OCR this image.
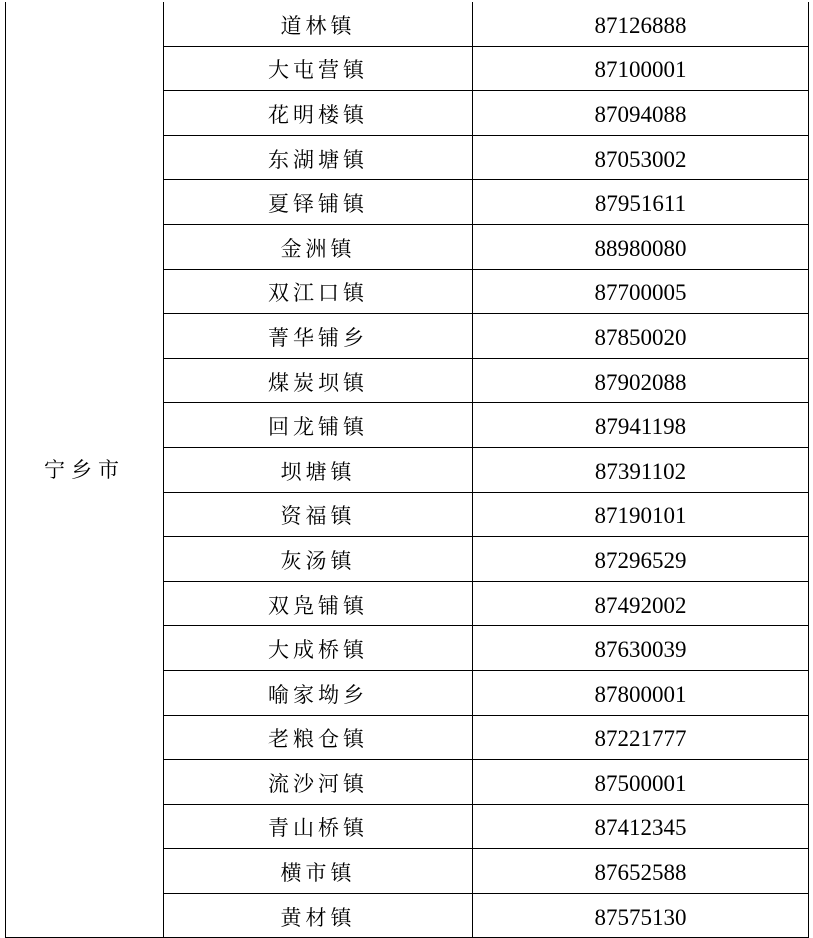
宁乡市	道林镇	87126888
	大屯营镇	87100001
	花明楼镇	87094088
	东湖塘镇	87053002
	夏铎铺镇	87951611
	金洲镇	88980080
	双江口镇	87700005
	菁华铺乡	87850020
	煤炭坝镇	87902088
	回龙铺镇	87941198
	坝塘镇	87391102
	资福镇	87190101
	灰汤镇	87296529
	双凫铺镇	87492002
	大成桥镇	87630039
	喻家坳乡	87800001
	老粮仓镇	87221777
	流沙河镇	87500001
	青山桥镇	87412345
	横市镇	87652588
	黄材镇	87575130
